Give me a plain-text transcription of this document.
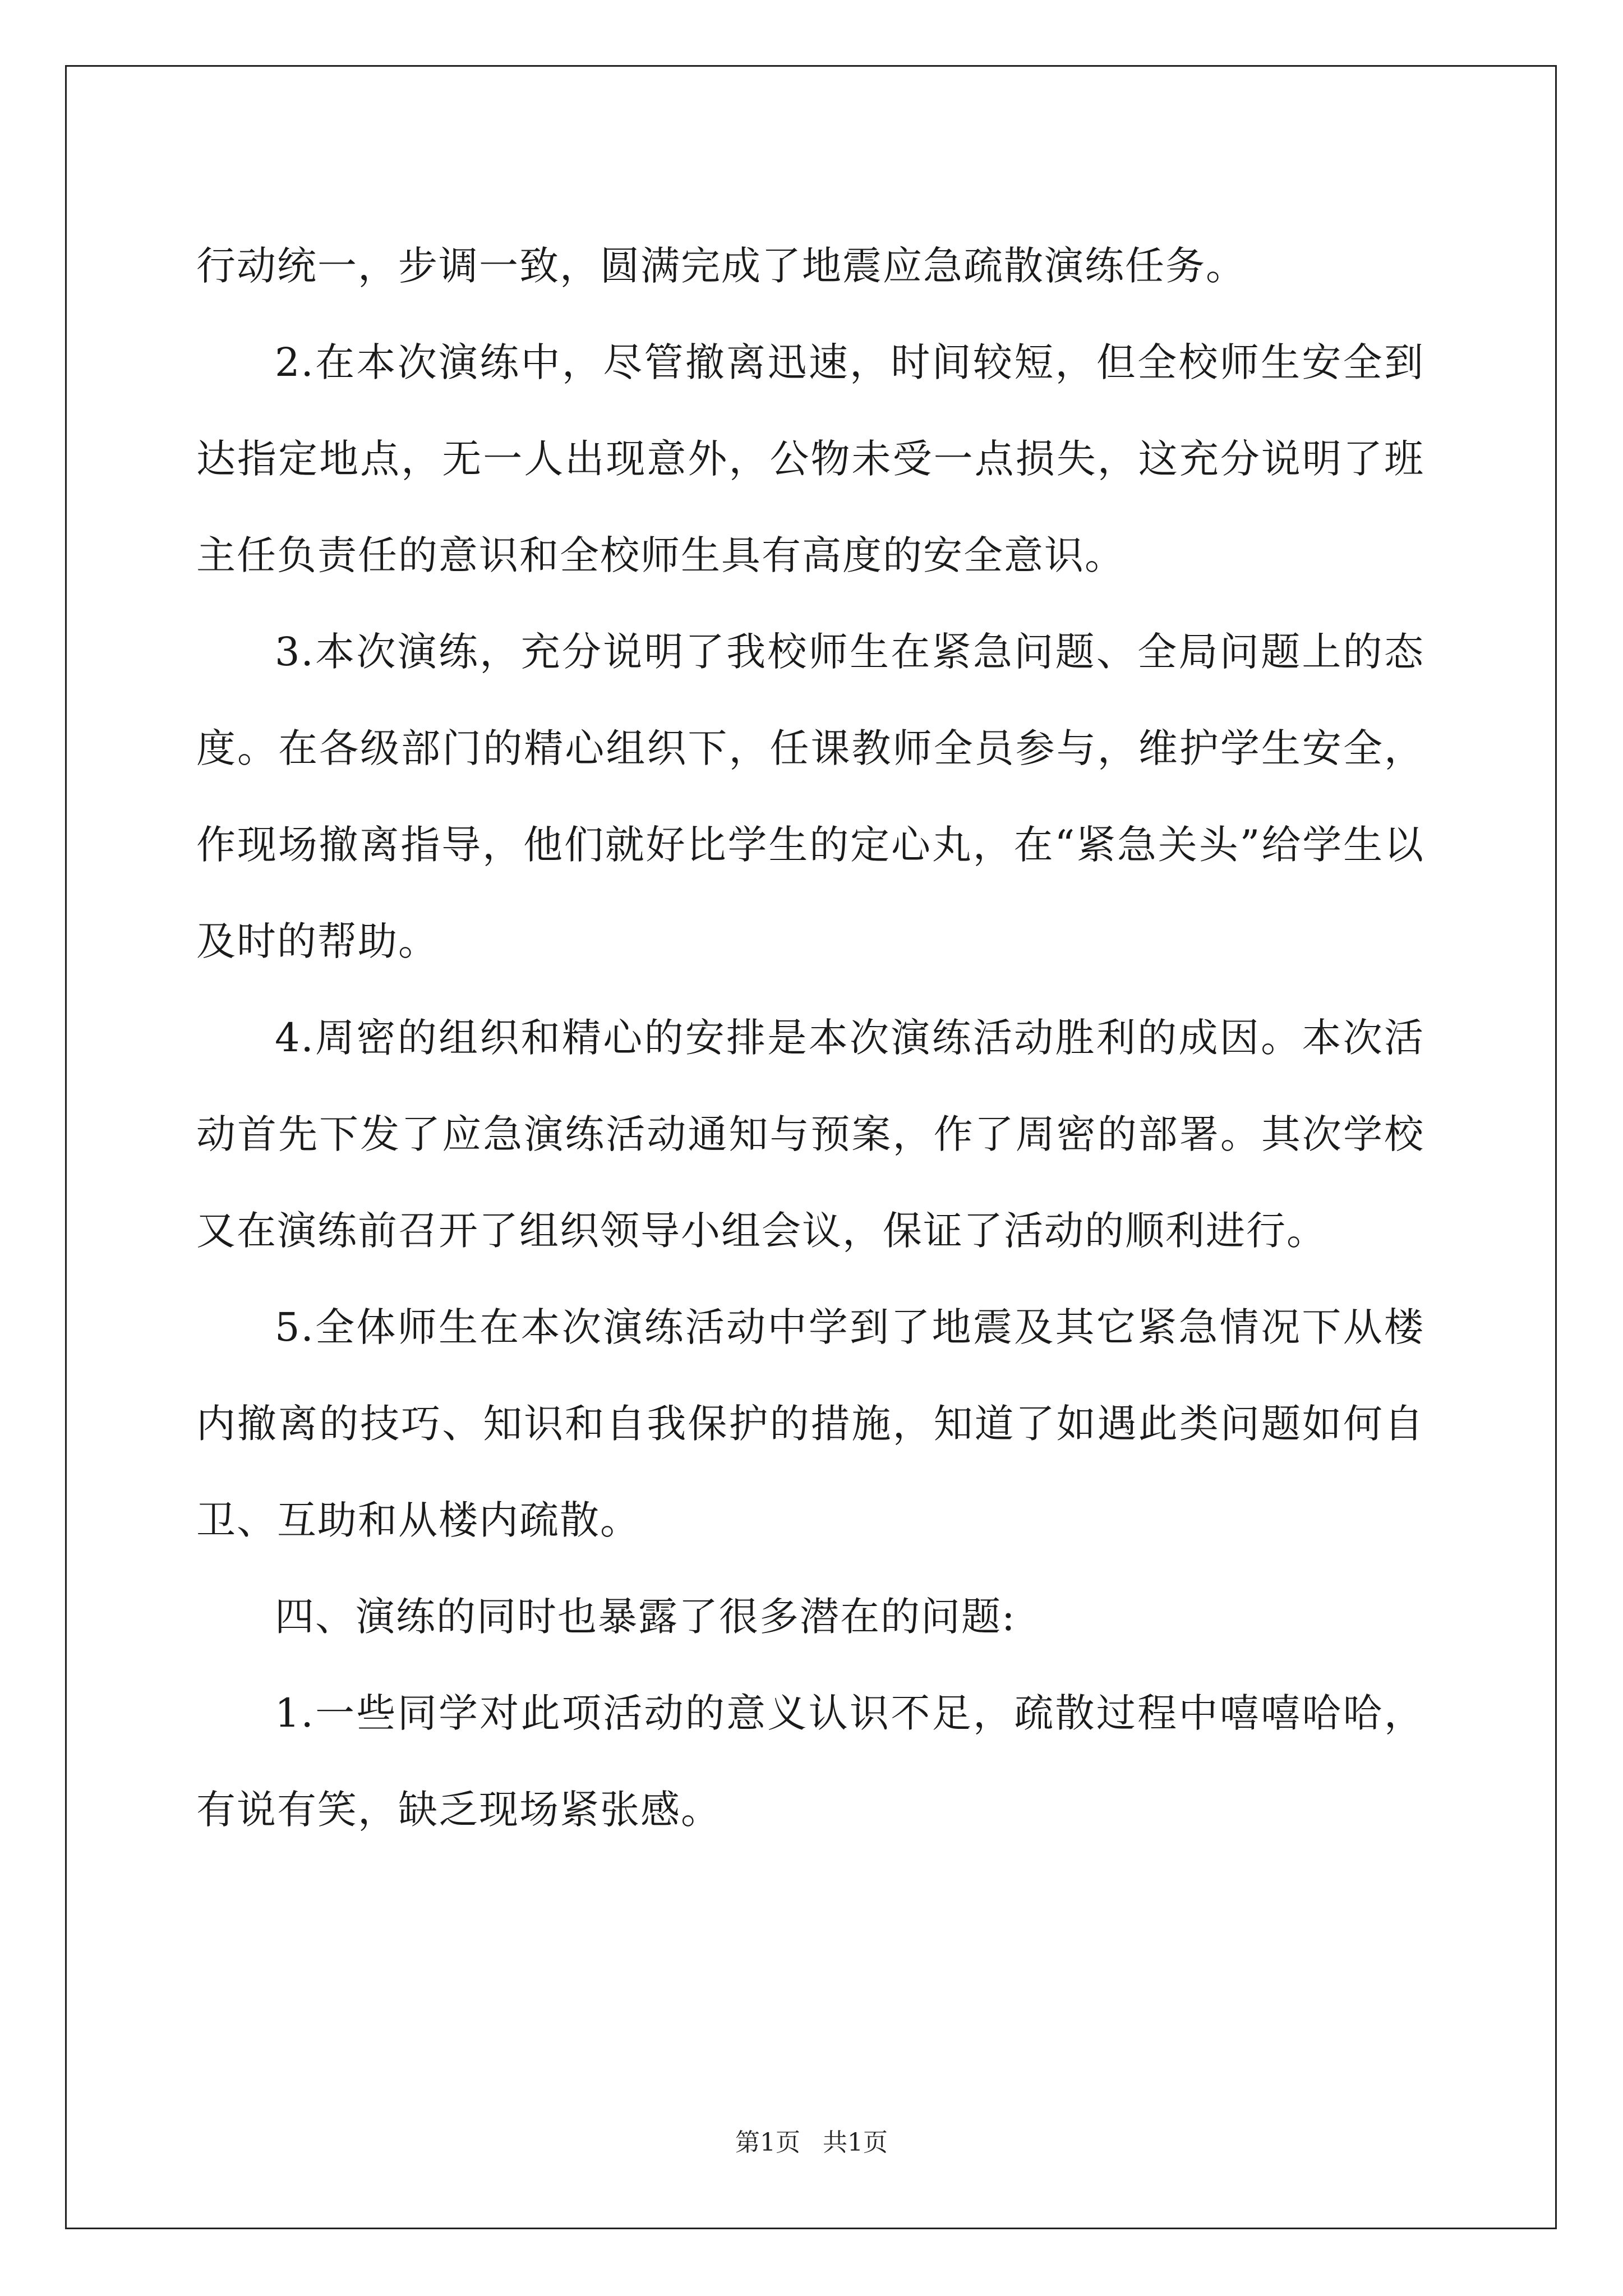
行动统一，步调一致，圆满完成了地震应急疏散演练任务。

2.在本次演练中，尽管撤离迅速，时间较短，但全校师生安全到达指定地点，无一人出现意外，公物未受一点损失，这充分说明了班主任负责任的意识和全校师生具有高度的安全意识。

3.本次演练，充分说明了我校师生在紧急问题、全局问题上的态度。在各级部门的精心组织下，任课教师全员参与，维护学生安全，作现场撤离指导，他们就好比学生的定心丸，在“紧急关头”给学生以及时的帮助。

4.周密的组织和精心的安排是本次演练活动胜利的成因。本次活动首先下发了应急演练活动通知与预案，作了周密的部署。其次学校又在演练前召开了组织领导小组会议，保证了活动的顺利进行。

5.全体师生在本次演练活动中学到了地震及其它紧急情况下从楼内撤离的技巧、知识和自我保护的措施，知道了如遇此类问题如何自卫、互助和从楼内疏散。

四、演练的同时也暴露了很多潜在的问题:

1.一些同学对此项活动的意义认识不足，疏散过程中嘻嘻哈哈，有说有笑，缺乏现场紧张感。

第1页 共1页
